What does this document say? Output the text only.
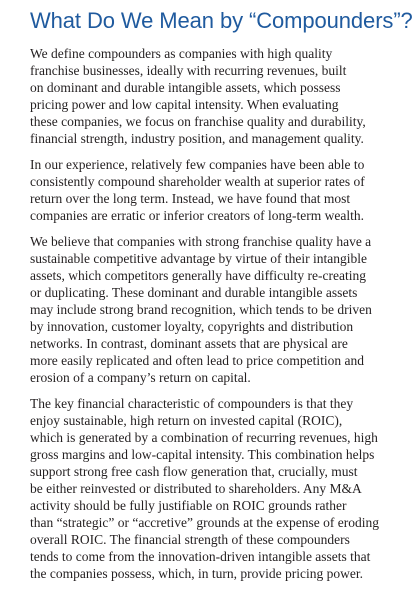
What Do We Mean by “Compounders”?

We define compounders as companies with high quality
franchise businesses, ideally with recurring revenues, built
on dominant and durable intangible assets, which possess
pricing power and low capital intensity. When evaluating
these companies, we focus on franchise quality and durability,
financial strength, industry position, and management quality.

In our experience, relatively few companies have been able to
consistently compound shareholder wealth at superior rates of
return over the long term. Instead, we have found that most
companies are erratic or inferior creators of long-term wealth.

We believe that companies with strong franchise quality have a
sustainable competitive advantage by virtue of their intangible
assets, which competitors generally have difficulty re-creating
or duplicating. These dominant and durable intangible assets
may include strong brand recognition, which tends to be driven
by innovation, customer loyalty, copyrights and distribution
networks. In contrast, dominant assets that are physical are
more easily replicated and often lead to price competition and
erosion of a company’s return on capital.

The key financial characteristic of compounders is that they
enjoy sustainable, high return on invested capital (ROIC),
which is generated by a combination of recurring revenues, high
gross margins and low-capital intensity. This combination helps
support strong free cash flow generation that, crucially, must
be either reinvested or distributed to shareholders. Any M&A
activity should be fully justifiable on ROIC grounds rather
than “strategic” or “accretive” grounds at the expense of eroding
overall ROIC. The financial strength of these compounders
tends to come from the innovation-driven intangible assets that
the companies possess, which, in turn, provide pricing power.
